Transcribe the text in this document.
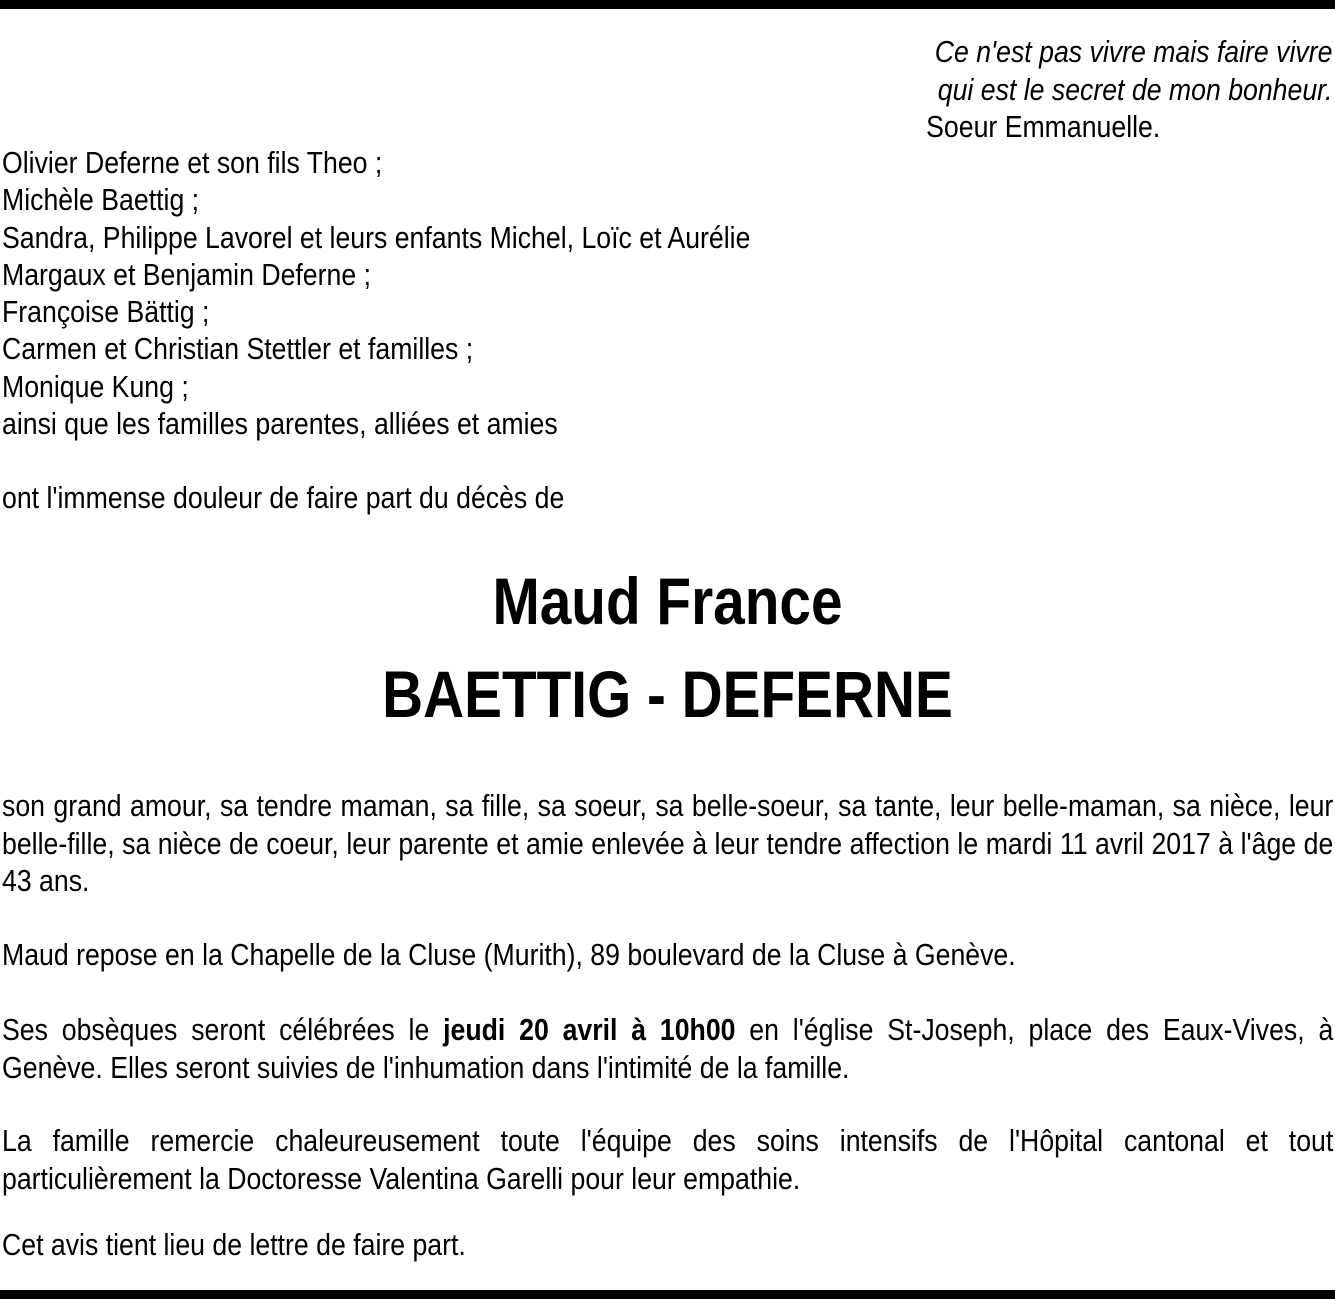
Ce n'est pas vivre mais faire vivre
qui est le secret de mon bonheur.
Soeur Emmanuelle.
Olivier Deferne et son fils Theo ;
Michèle Baettig ;
Sandra, Philippe Lavorel et leurs enfants Michel, Loïc et Aurélie
Margaux et Benjamin Deferne ;
Françoise Bättig ;
Carmen et Christian Stettler et familles ;
Monique Kung ;
ainsi que les familles parentes, alliées et amies
ont l'immense douleur de faire part du décès de
Maud France
BAETTIG - DEFERNE
son grand amour, sa tendre maman, sa fille, sa soeur, sa belle-soeur, sa tante, leur belle-maman, sa nièce, leur belle-fille, sa nièce de coeur, leur parente et amie enlevée à leur tendre affection le mardi 11 avril 2017 à l'âge de 43 ans.
Maud repose en la Chapelle de la Cluse (Murith), 89 boulevard de la Cluse à Genève.
Ses obsèques seront célébrées le jeudi 20 avril à 10h00 en l'église St-Joseph, place des Eaux-Vives, à Genève. Elles seront suivies de l'inhumation dans l'intimité de la famille.
La famille remercie chaleureusement toute l'équipe des soins intensifs de l'Hôpital cantonal et tout particulièrement la Doctoresse Valentina Garelli pour leur empathie.
Cet avis tient lieu de lettre de faire part.
